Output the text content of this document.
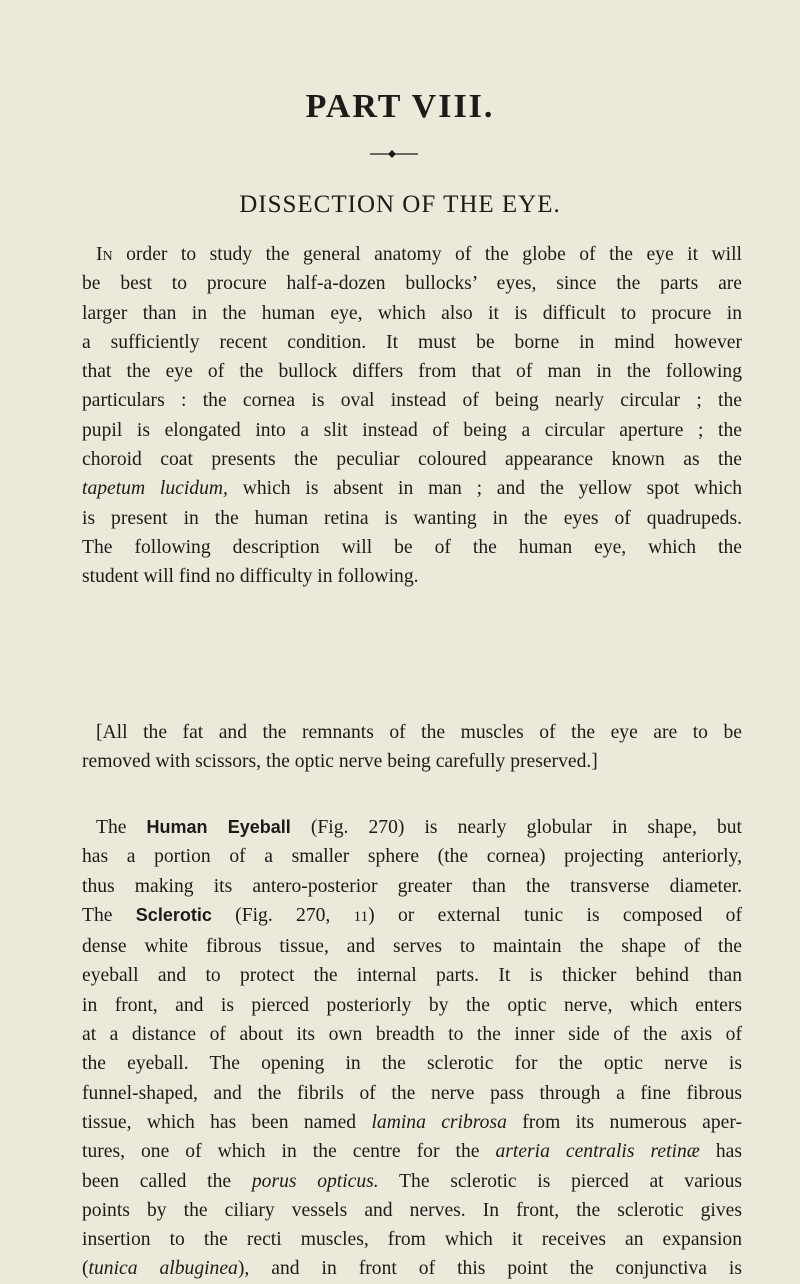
PART VIII.
DISSECTION OF THE EYE.
In order to study the general anatomy of the globe of the eye it will
be best to procure half-a-dozen bullocks’ eyes, since the parts are
larger than in the human eye, which also it is difficult to procure in
a sufficiently recent condition. It must be borne in mind however
that the eye of the bullock differs from that of man in the following
particulars : the cornea is oval instead of being nearly circular ; the
pupil is elongated into a slit instead of being a circular aperture ; the
choroid coat presents the peculiar coloured appearance known as the
tapetum lucidum, which is absent in man ; and the yellow spot which
is present in the human retina is wanting in the eyes of quadrupeds.
The following description will be of the human eye, which the
student will find no difficulty in following.
[All the fat and the remnants of the muscles of the eye are to be
removed with scissors, the optic nerve being carefully preserved.]
The Human Eyeball (Fig. 270) is nearly globular in shape, but
has a portion of a smaller sphere (the cornea) projecting anteriorly,
thus making its antero-posterior greater than the transverse diameter.
The Sclerotic (Fig. 270, 11) or external tunic is composed of
dense white fibrous tissue, and serves to maintain the shape of the
eyeball and to protect the internal parts. It is thicker behind than
in front, and is pierced posteriorly by the optic nerve, which enters
at a distance of about its own breadth to the inner side of the axis of
the eyeball. The opening in the sclerotic for the optic nerve is
funnel-shaped, and the fibrils of the nerve pass through a fine fibrous
tissue, which has been named lamina cribrosa from its numerous aper-
tures, one of which in the centre for the arteria centralis retinæ has
been called the porus opticus. The sclerotic is pierced at various
points by the ciliary vessels and nerves. In front, the sclerotic gives
insertion to the recti muscles, from which it receives an expansion
(tunica albuginea), and in front of this point the conjunctiva is
